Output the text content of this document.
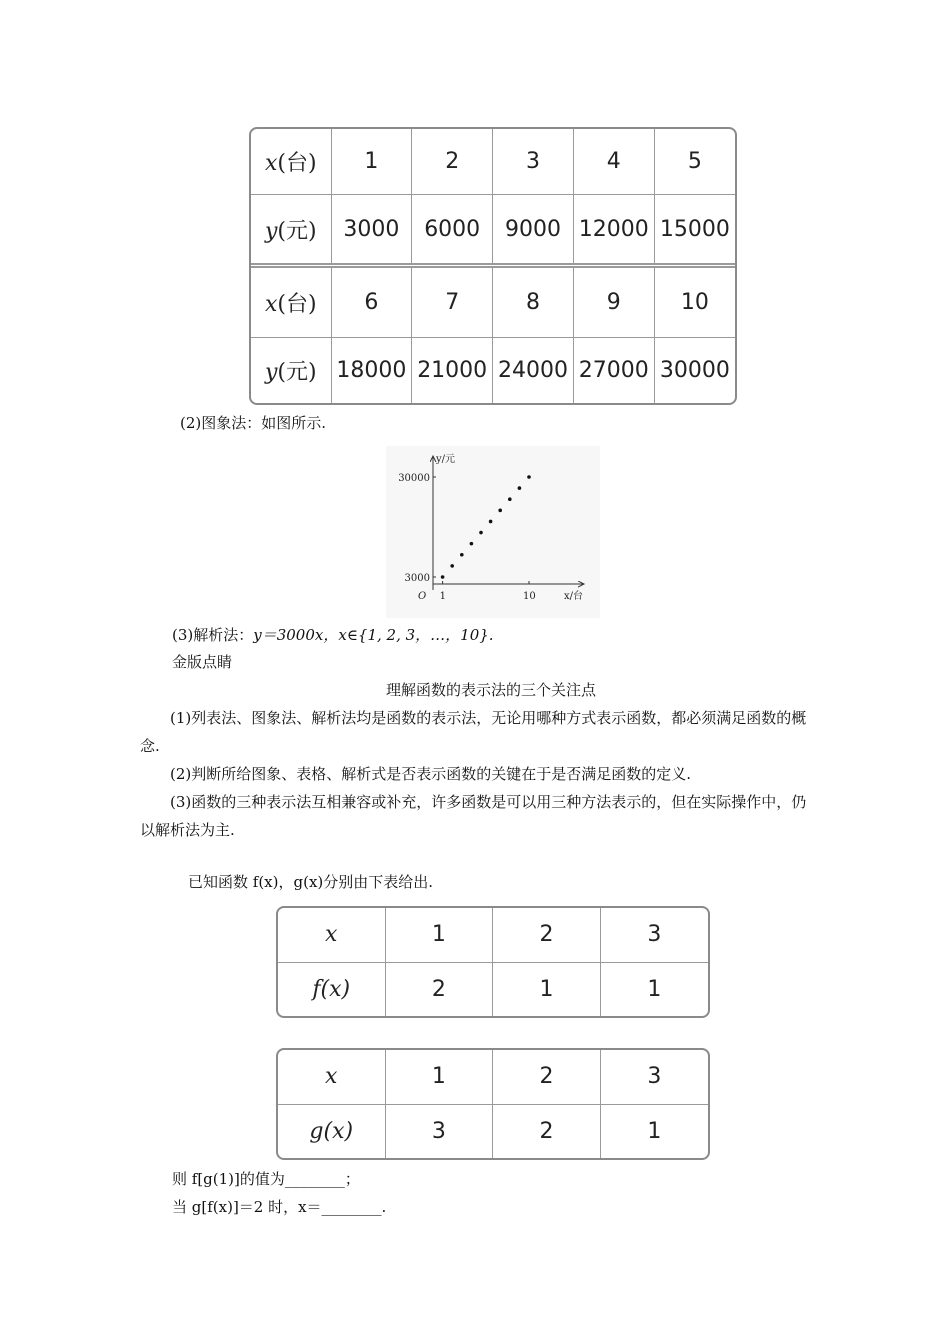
x(台)	1	2	3	4	5
y(元)	3000	6000	9000	12000	15000
x(台)	6	7	8	9	10
y(元)	18000	21000	24000	27000	30000
(2)图象法：如图所示.
y/元
x/台
O 1	10
3000
30000
(3)解析法：y＝3000x，x∈{1, 2, 3，…，10}.
金版点睛
理解函数的表示法的三个关注点
(1)列表法、图象法、解析法均是函数的表示法，无论用哪种方式表示函数，都必须满足函数的概念.
(2)判断所给图象、表格、解析式是否表示函数的关键在于是否满足函数的定义.
(3)函数的三种表示法互相兼容或补充，许多函数是可以用三种方法表示的，但在实际操作中，仍以解析法为主.
已知函数 f(x)，g(x)分别由下表给出.
x	1	2	3
f(x)	2	1	1
x	1	2	3
g(x)	3	2	1
则 f[g(1)]的值为________；
当 g[f(x)]＝2 时，x＝________.
